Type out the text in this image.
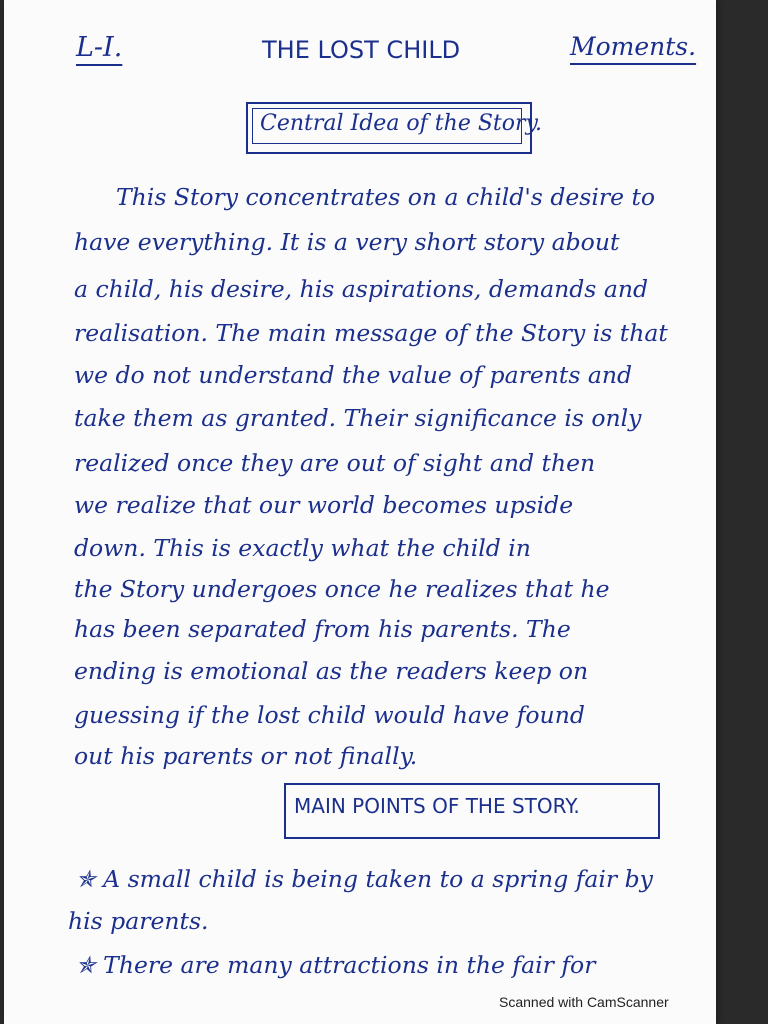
L-I.	THE LOST CHILD	Moments.
Central Idea of the Story.
This Story concentrates on a child's desire to
have everything. It is a very short story about
a child, his desire, his aspirations, demands and
realisation. The main message of the Story is that
we do not understand the value of parents and
take them as granted. Their significance is only
realized once they are out of sight and then
we realize that our world becomes upside
down. This is exactly what the child in
the Story undergoes once he realizes that he
has been separated from his parents. The
ending is emotional as the readers keep on
guessing if the lost child would have found
out his parents or not finally.
MAIN POINTS OF THE STORY.
✯ A small child is being taken to a spring fair by
his parents.
✯ There are many attractions in the fair for
Scanned with CamScanner
